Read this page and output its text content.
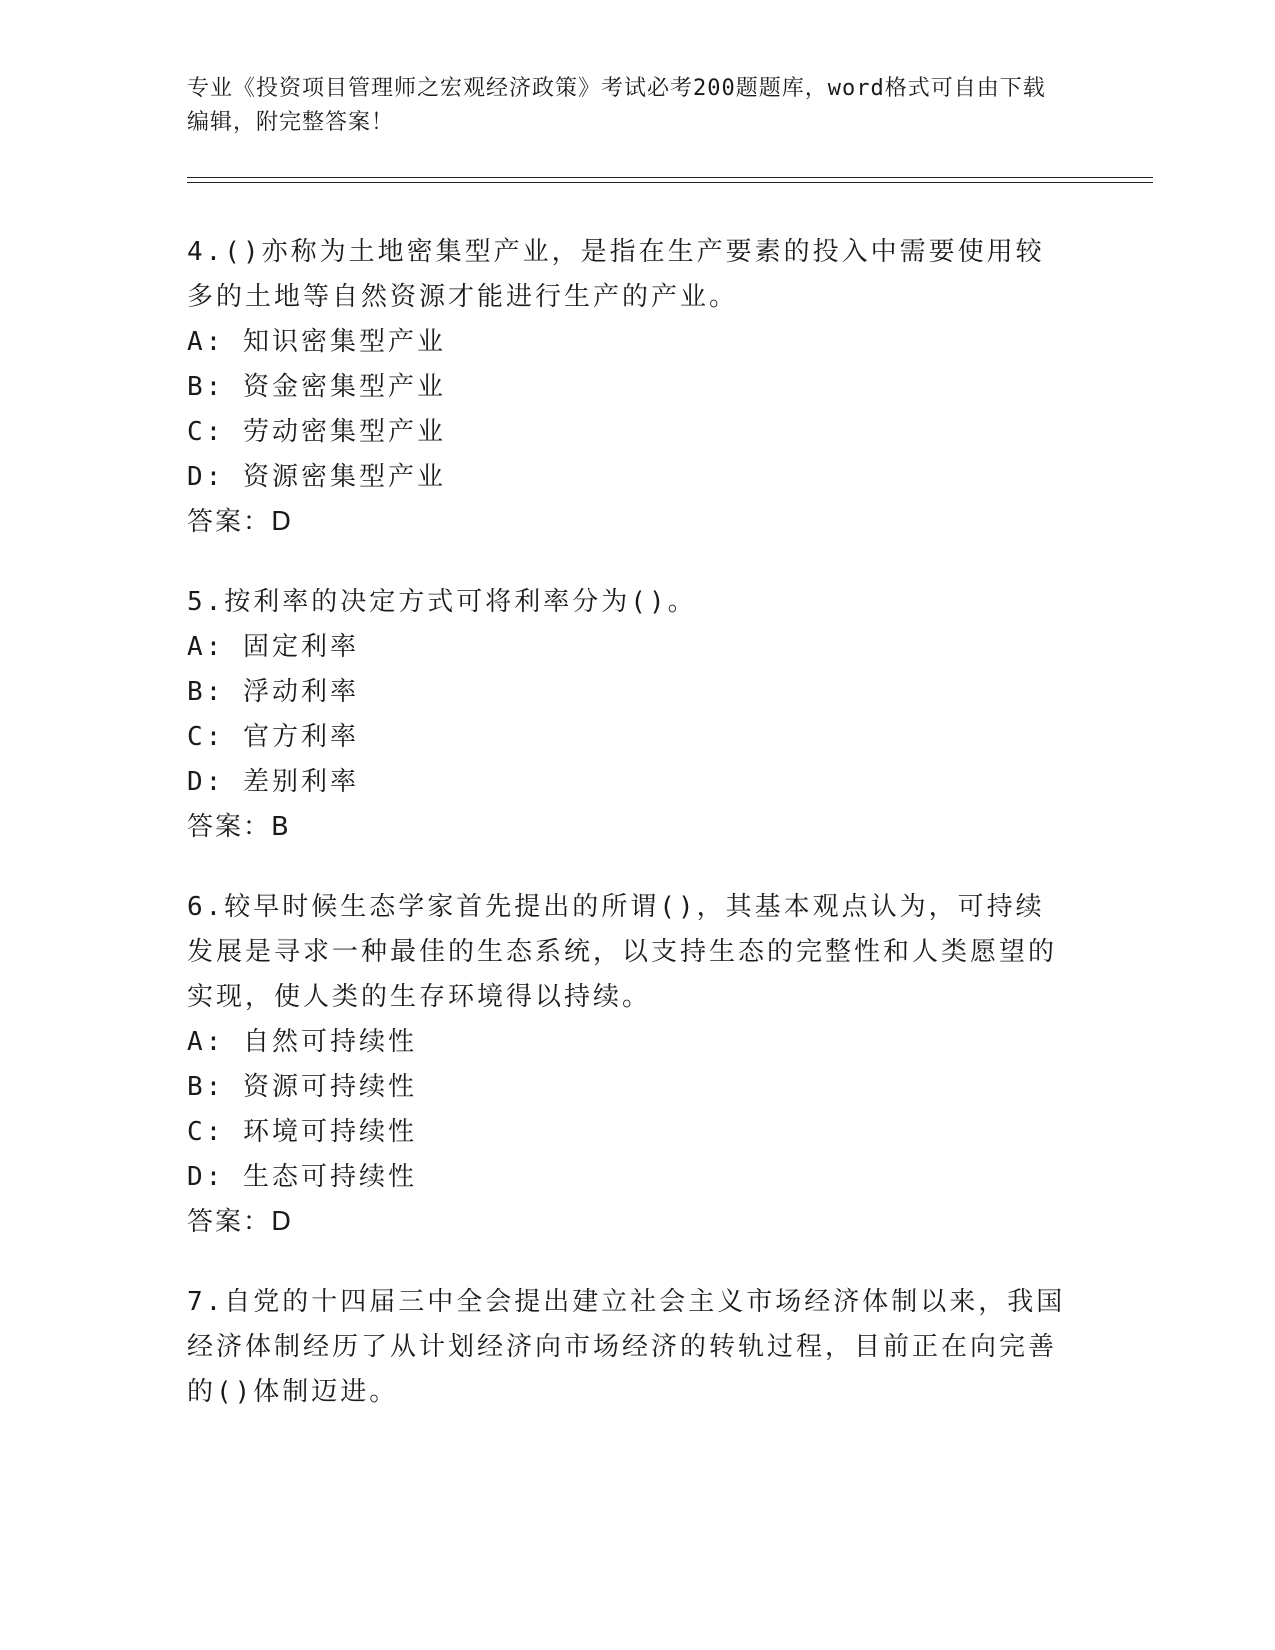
专业《投资项目管理师之宏观经济政策》考试必考200题题库，word格式可自由下载编辑，附完整答案！

4.()亦称为土地密集型产业，是指在生产要素的投入中需要使用较多的土地等自然资源才能进行生产的产业。

A: 知识密集型产业

B: 资金密集型产业

C: 劳动密集型产业

D: 资源密集型产业

答案：D

5.按利率的决定方式可将利率分为()。

A: 固定利率

B: 浮动利率

C: 官方利率

D: 差别利率

答案：B

6.较早时候生态学家首先提出的所谓()，其基本观点认为，可持续发展是寻求一种最佳的生态系统，以支持生态的完整性和人类愿望的实现，使人类的生存环境得以持续。

A: 自然可持续性

B: 资源可持续性

C: 环境可持续性

D: 生态可持续性

答案：D

7.自党的十四届三中全会提出建立社会主义市场经济体制以来，我国经济体制经历了从计划经济向市场经济的转轨过程，目前正在向完善的()体制迈进。
